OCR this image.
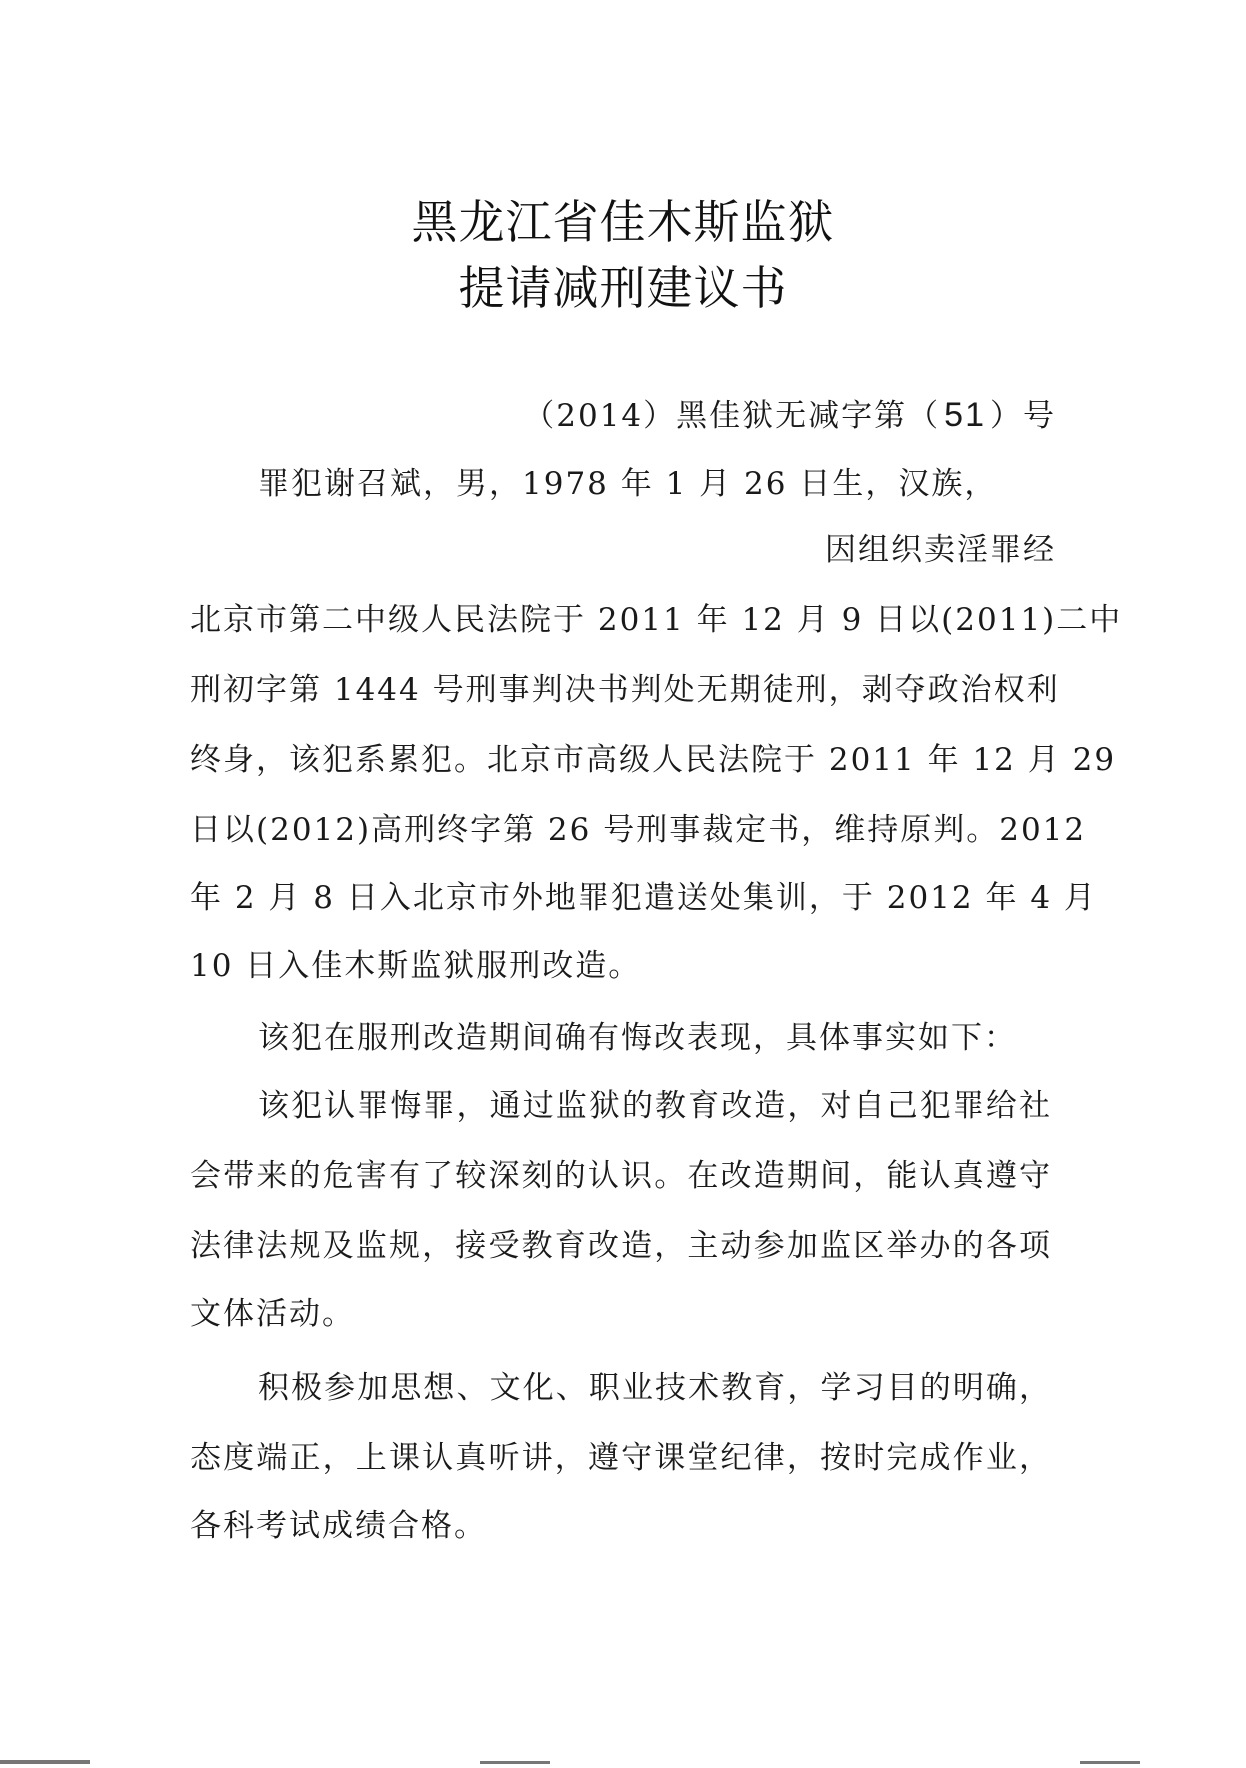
黑龙江省佳木斯监狱
提请减刑建议书
（2014）黑佳狱无减字第（ 51 ）号
罪犯谢召斌，男，1978 年 1 月 26 日生，汉族，
因组织卖淫罪经
北京市第二中级人民法院于 2011 年 12 月 9 日以(2011)二中
刑初字第 1444 号刑事判决书判处无期徒刑，剥夺政治权利
终身，该犯系累犯。北京市高级人民法院于 2011 年 12 月 29
日以(2012)高刑终字第 26 号刑事裁定书，维持原判。2012
年 2 月 8 日入北京市外地罪犯遣送处集训，于 2012 年 4 月
10 日入佳木斯监狱服刑改造。
该犯在服刑改造期间确有悔改表现，具体事实如下：
该犯认罪悔罪，通过监狱的教育改造，对自己犯罪给社
会带来的危害有了较深刻的认识。在改造期间，能认真遵守
法律法规及监规，接受教育改造，主动参加监区举办的各项
文体活动。
积极参加思想、文化、职业技术教育，学习目的明确，
态度端正，上课认真听讲，遵守课堂纪律，按时完成作业，
各科考试成绩合格。
